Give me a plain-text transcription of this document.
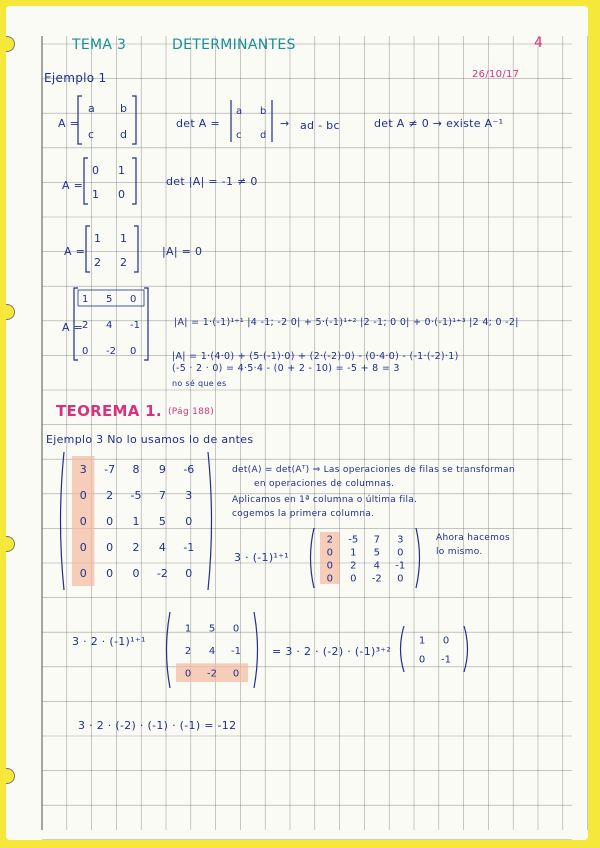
TEMA 3	DETERMINANTES	4
26/10/17
Ejemplo 1
A =
a b
c d
det A =
a b
c d
→ ad - bc	det A ≠ 0 → existe A⁻¹
A =
0 1
1 0
det |A| = -1 ≠ 0
A =
1 1
2 2
|A| = 0
A =
1 5 0
2 4 -1
0 -2 0
|A| = 1·(-1)¹⁺¹ |4 -1; -2 0| + 5·(-1)¹⁺² |2 -1; 0 0| + 0·(-1)¹⁺³ |2 4; 0 -2|
|A| = 1·(4·0) + (5·(-1)·0) + (2·(-2)·0) - (0·4·0) - (-1·(-2)·1)
(-5 · 2 · 0) = 4·5·4 - (0 + 2 - 10) = -5 + 8 = 3
no sé que es
TEOREMA 1. (Pág 188)
Ejemplo 3 No lo usamos lo de antes
3 -7 8 9 -6
0 2 -5 7 3
0 0 1 5 0
0 0 2 4 -1
0 0 0 -2 0
det(A) = det(Aᵀ) ⇒ Las operaciones de filas se transforman
en operaciones de columnas.
Aplicamos en 1ª columna o última fila.
cogemos la primera columna.
3 · (-1)¹⁺¹
2 -5 7 3
0 1 5 0
0 2 4 -1
0 0 -2 0
Ahora hacemos
lo mismo.
3 · 2 · (-1)¹⁺¹
1 5 0
2 4 -1
0 -2 0
= 3 · 2 · (-2) · (-1)³⁺²
1 0
0 -1
3 · 2 · (-2) · (-1) · (-1) = -12
